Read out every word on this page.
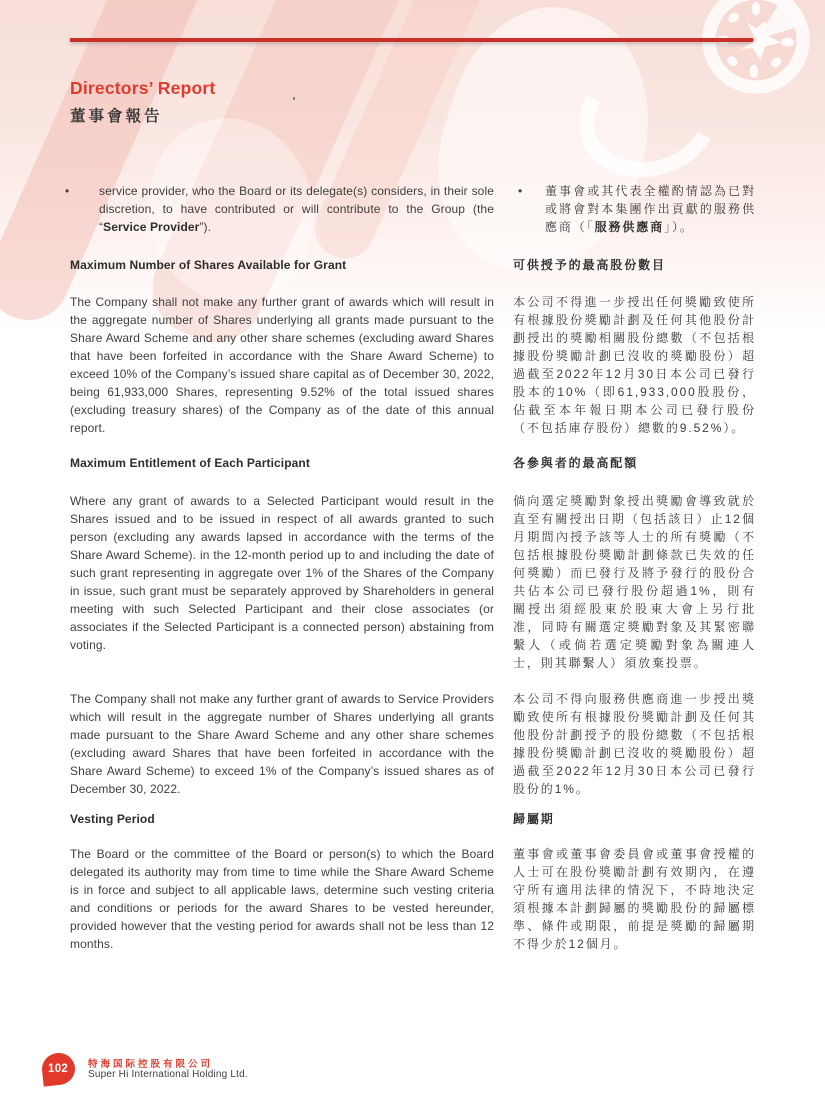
Directors’ Report
董事會報告
•	service provider, who the Board or its delegate(s) considers, in their sole discretion, to have contributed or will contribute to the Group (the “Service Provider”).
Maximum Number of Shares Available for Grant
The Company shall not make any further grant of awards which will result in the aggregate number of Shares underlying all grants made pursuant to the Share Award Scheme and any other share schemes (excluding award Shares that have been forfeited in accordance with the Share Award Scheme) to exceed 10% of the Company’s issued share capital as of December 30, 2022, being 61,933,000 Shares, representing 9.52% of the total issued shares (excluding treasury shares) of the Company as of the date of this annual report.
Maximum Entitlement of Each Participant
Where any grant of awards to a Selected Participant would result in the Shares issued and to be issued in respect of all awards granted to such person (excluding any awards lapsed in accordance with the terms of the Share Award Scheme). in the 12-month period up to and including the date of such grant representing in aggregate over 1% of the Shares of the Company in issue, such grant must be separately approved by Shareholders in general meeting with such Selected Participant and their close associates (or associates if the Selected Participant is a connected person) abstaining from voting.
The Company shall not make any further grant of awards to Service Providers which will result in the aggregate number of Shares underlying all grants made pursuant to the Share Award Scheme and any other share schemes (excluding award Shares that have been forfeited in accordance with the Share Award Scheme) to exceed 1% of the Company’s issued shares as of December 30, 2022.
Vesting Period
The Board or the committee of the Board or person(s) to which the Board delegated its authority may from time to time while the Share Award Scheme is in force and subject to all applicable laws, determine such vesting criteria and conditions or periods for the award Shares to be vested hereunder, provided however that the vesting period for awards shall not be less than 12 months.
•	董事會或其代表全權酌情認為已對或將會對本集團作出貢獻的服務供應商（「服務供應商」）。
可供授予的最高股份數目
本公司不得進一步授出任何獎勵致使所有根據股份獎勵計劃及任何其他股份計劃授出的獎勵相關股份總數（不包括根據股份獎勵計劃已沒收的獎勵股份）超過截至2022年12月30日本公司已發行股本的10%（即61,933,000股股份，佔截至本年報日期本公司已發行股份（不包括庫存股份）總數的9.52%）。
各參與者的最高配額
倘向選定獎勵對象授出獎勵會導致就於直至有關授出日期（包括該日）止12個月期間內授予該等人士的所有獎勵（不包括根據股份獎勵計劃條款已失效的任何獎勵）而已發行及將予發行的股份合共佔本公司已發行股份超過1%，則有關授出須經股東於股東大會上另行批准，同時有關選定獎勵對象及其緊密聯繫人（或倘若選定獎勵對象為關連人士，則其聯繫人）須放棄投票。
本公司不得向服務供應商進一步授出獎勵致使所有根據股份獎勵計劃及任何其他股份計劃授予的股份總數（不包括根據股份獎勵計劃已沒收的獎勵股份）超過截至2022年12月30日本公司已發行股份的1%。
歸屬期
董事會或董事會委員會或董事會授權的人士可在股份獎勵計劃有效期內，在遵守所有適用法律的情況下，不時地決定須根據本計劃歸屬的獎勵股份的歸屬標準、條件或期限，前提是獎勵的歸屬期不得少於12個月。
102 特海国际控股有限公司
Super Hi International Holding Ltd.
